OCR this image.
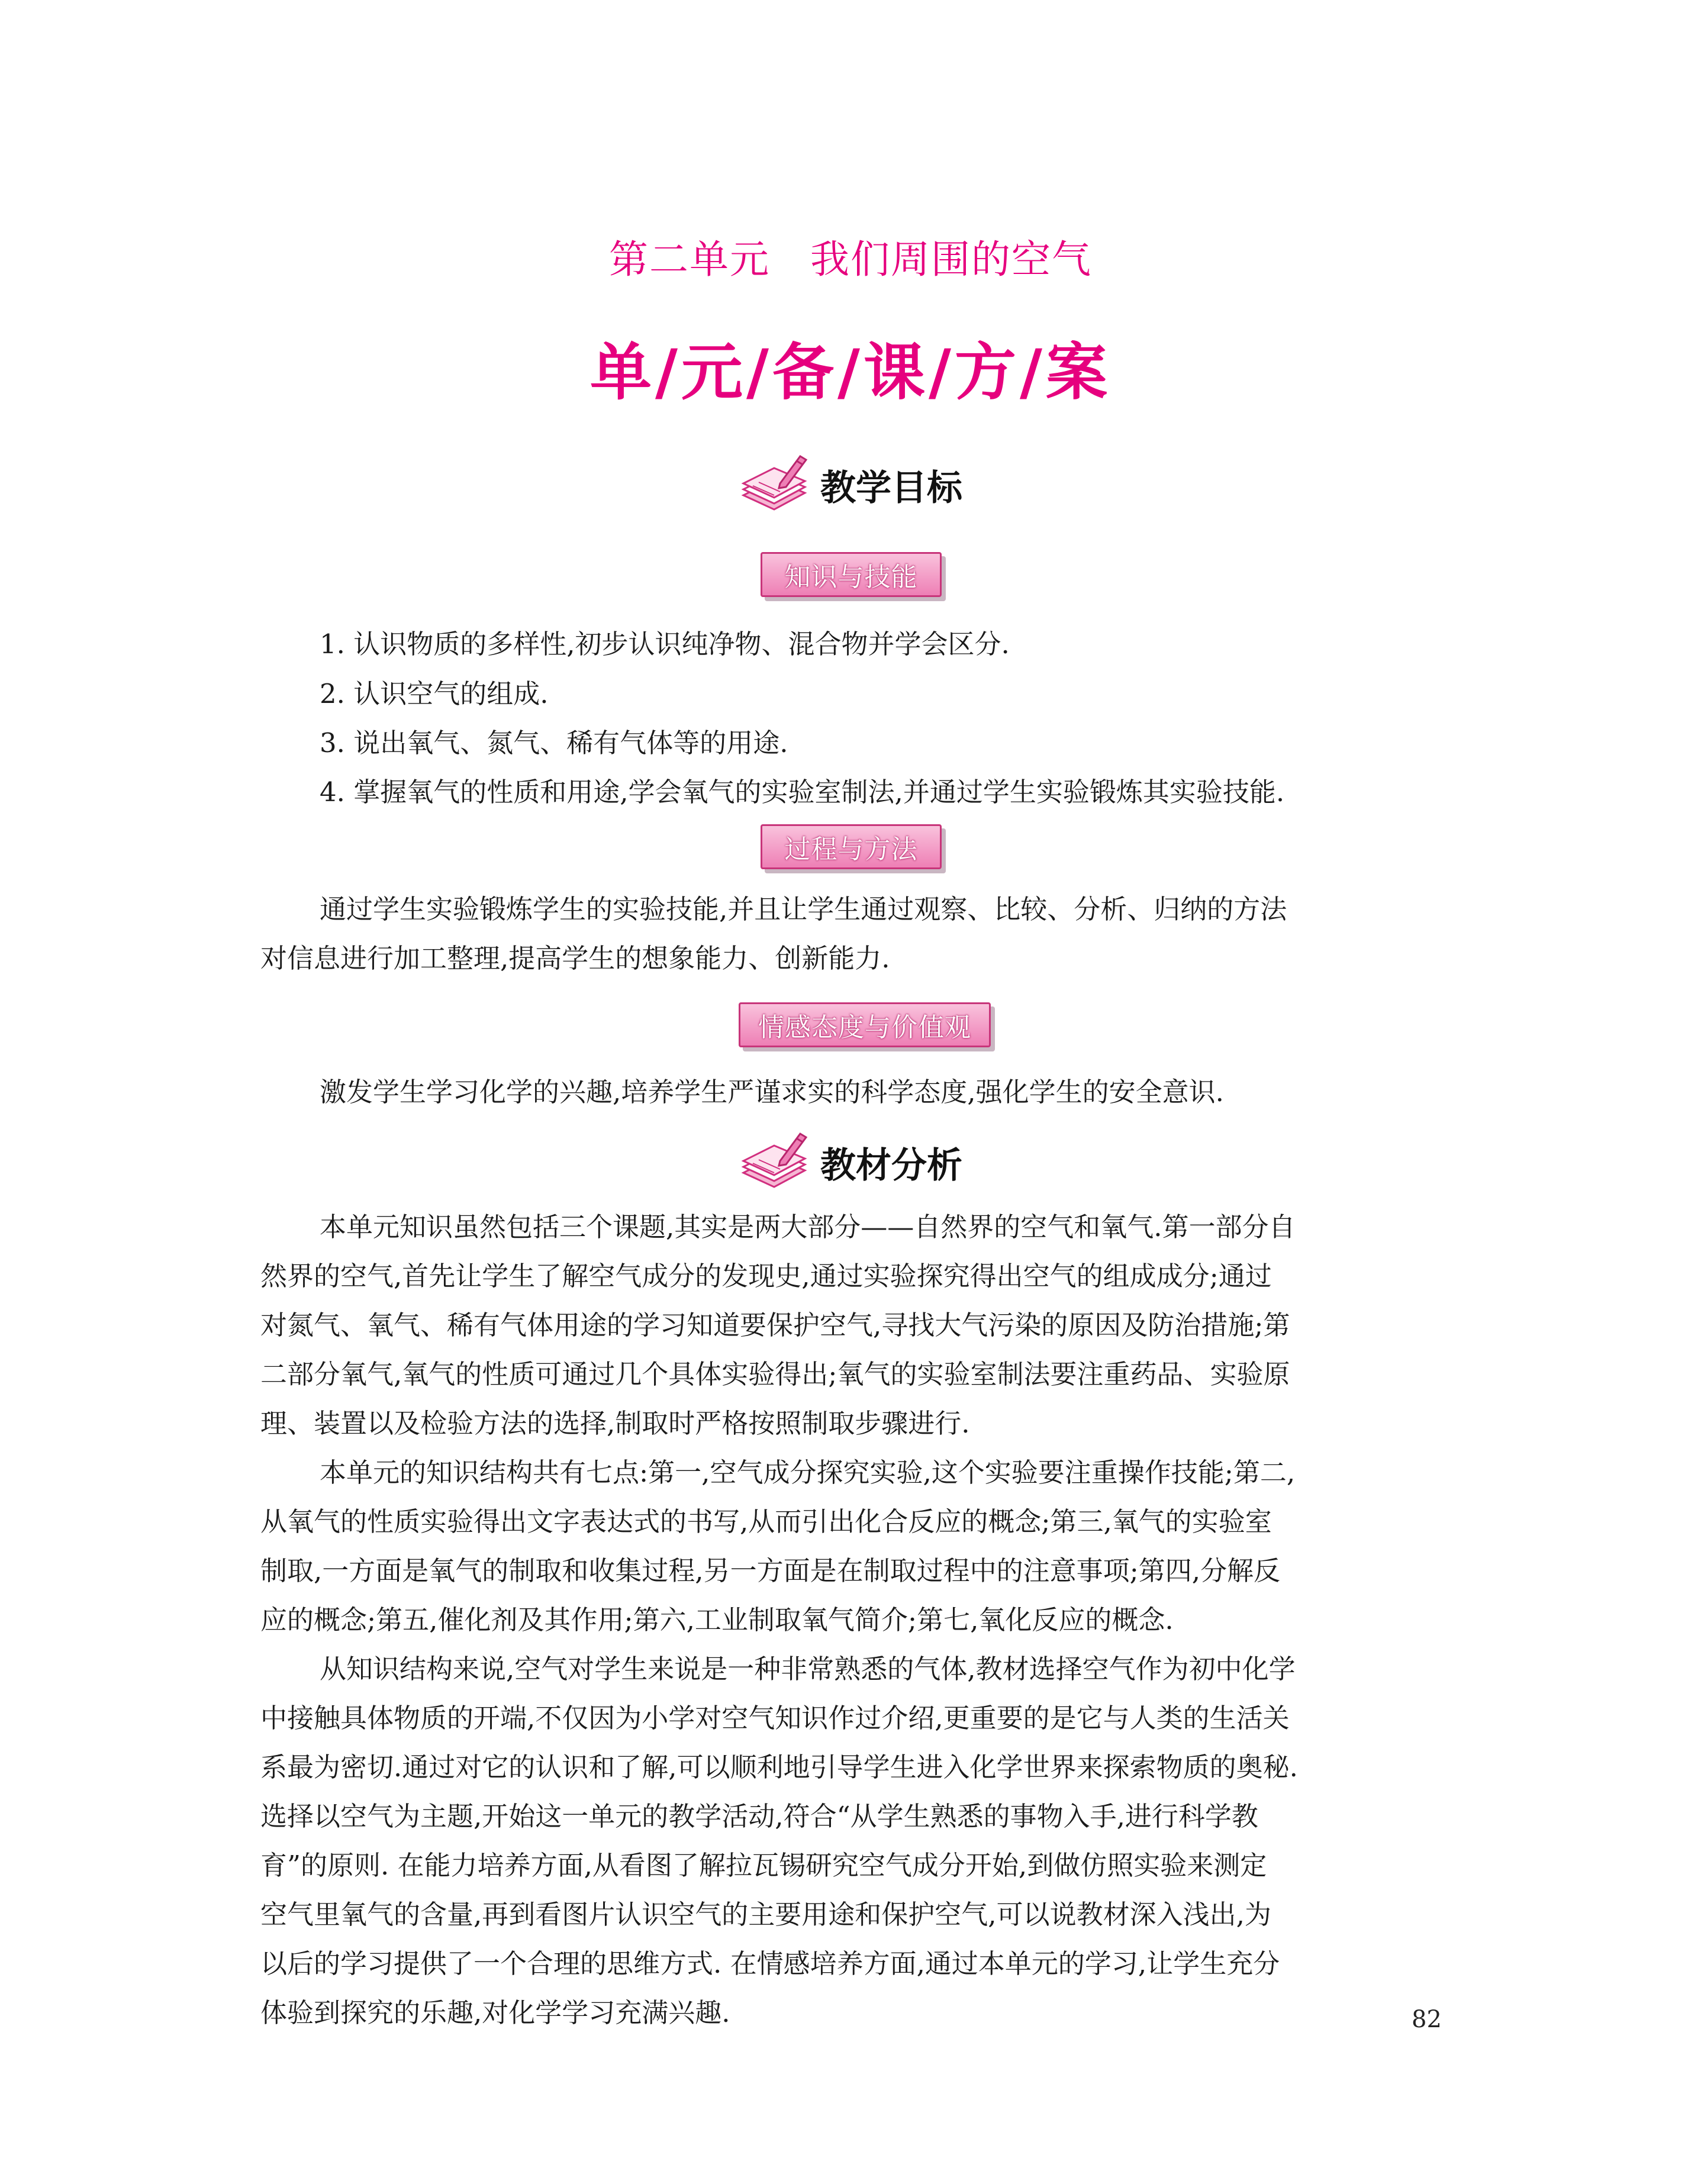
第二单元　我们周围的空气
单/元/备/课/方/案
教学目标
知识与技能
1. 认识物质的多样性,初步认识纯净物、混合物并学会区分.
2. 认识空气的组成.
3. 说出氧气、氮气、稀有气体等的用途.
4. 掌握氧气的性质和用途,学会氧气的实验室制法,并通过学生实验锻炼其实验技能.
过程与方法

通过学生实验锻炼学生的实验技能,并且让学生通过观察、比较、分析、归纳的方法

对信息进行加工整理,提高学生的想象能力、创新能力.

情感态度与价值观

激发学生学习化学的兴趣,培养学生严谨求实的科学态度,强化学生的安全意识.

教材分析

本单元知识虽然包括三个课题,其实是两大部分——自然界的空气和氧气.第一部分自

然界的空气,首先让学生了解空气成分的发现史,通过实验探究得出空气的组成成分;通过

对氮气、氧气、稀有气体用途的学习知道要保护空气,寻找大气污染的原因及防治措施;第

二部分氧气,氧气的性质可通过几个具体实验得出;氧气的实验室制法要注重药品、实验原

理、装置以及检验方法的选择,制取时严格按照制取步骤进行.

本单元的知识结构共有七点:第一,空气成分探究实验,这个实验要注重操作技能;第二,

从氧气的性质实验得出文字表达式的书写,从而引出化合反应的概念;第三,氧气的实验室

制取,一方面是氧气的制取和收集过程,另一方面是在制取过程中的注意事项;第四,分解反

应的概念;第五,催化剂及其作用;第六,工业制取氧气简介;第七,氧化反应的概念.

从知识结构来说,空气对学生来说是一种非常熟悉的气体,教材选择空气作为初中化学

中接触具体物质的开端,不仅因为小学对空气知识作过介绍,更重要的是它与人类的生活关

系最为密切.通过对它的认识和了解,可以顺利地引导学生进入化学世界来探索物质的奥秘.

选择以空气为主题,开始这一单元的教学活动,符合“从学生熟悉的事物入手,进行科学教

育”的原则. 在能力培养方面,从看图了解拉瓦锡研究空气成分开始,到做仿照实验来测定

空气里氧气的含量,再到看图片认识空气的主要用途和保护空气,可以说教材深入浅出,为

以后的学习提供了一个合理的思维方式. 在情感培养方面,通过本单元的学习,让学生充分

体验到探究的乐趣,对化学学习充满兴趣.	82
